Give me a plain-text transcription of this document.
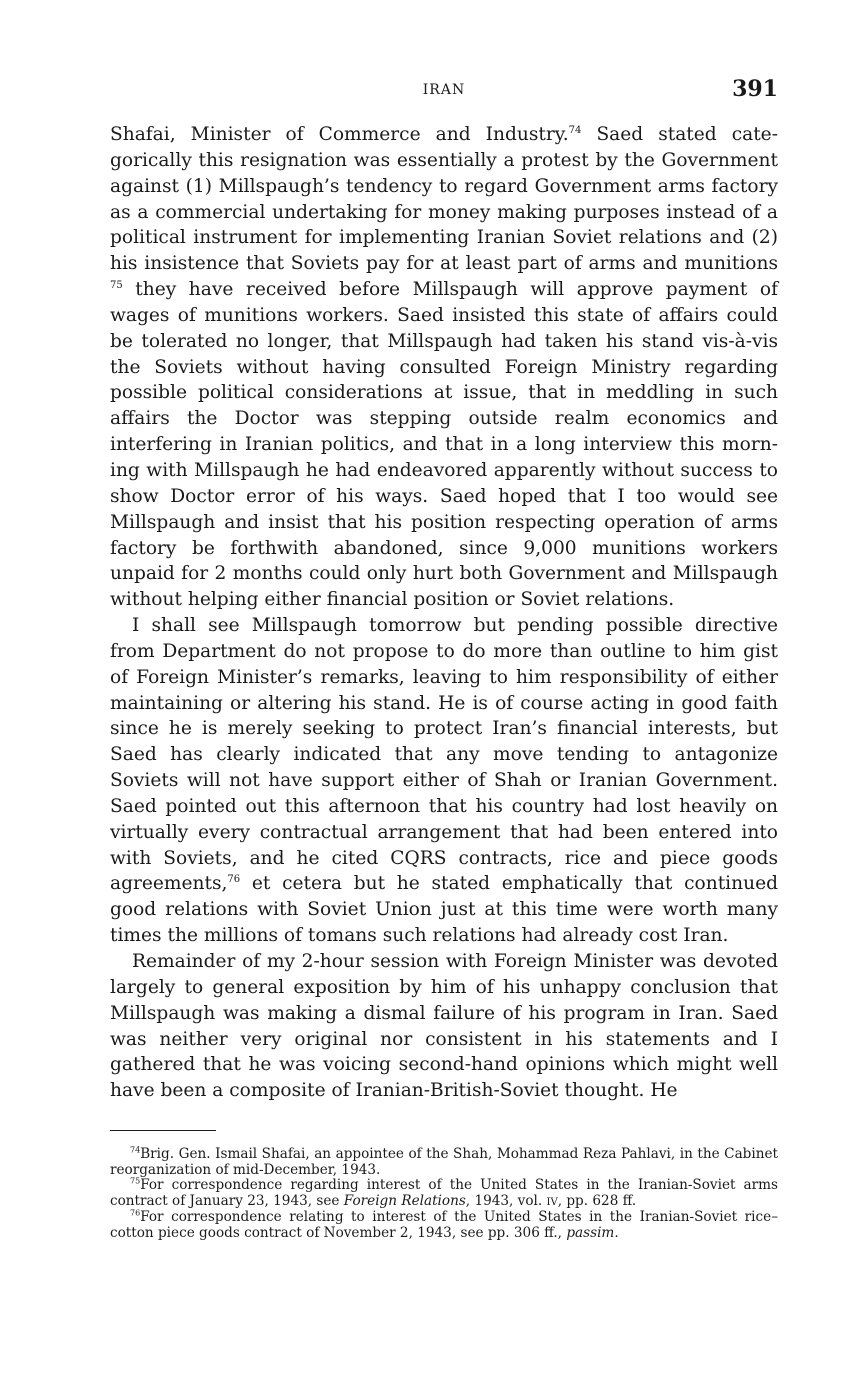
IRAN	391

Shafai, Minister of Commerce and Industry.$^{74}$ Saed stated categorically this resignation was essentially a protest by the Government against (1) Millspaugh’s tendency to regard Government arms factory as a commercial undertaking for money making purposes instead of a political instrument for implementing Iranian Soviet relations and (2) his insistence that Soviets pay for at least part of arms and munitions $^{75}$ they have received before Millspaugh will approve payment of wages of munitions workers. Saed insisted this state of affairs could be tolerated no longer, that Millspaugh had taken his stand vis-à-vis the Soviets without having consulted Foreign Ministry regarding possible political considerations at issue, that in meddling in such affairs the Doctor was stepping outside realm economics and interfering in Iranian politics, and that in a long interview this morning with Millspaugh he had endeavored apparently without success to show Doctor error of his ways. Saed hoped that I too would see Millspaugh and insist that his position respecting operation of arms factory be forthwith abandoned, since 9,000 munitions workers unpaid for 2 months could only hurt both Government and Millspaugh without helping either financial position or Soviet relations.

I shall see Millspaugh tomorrow but pending possible directive from Department do not propose to do more than outline to him gist of Foreign Minister’s remarks, leaving to him responsibility of either maintaining or altering his stand. He is of course acting in good faith since he is merely seeking to protect Iran’s financial interests, but Saed has clearly indicated that any move tending to antagonize Soviets will not have support either of Shah or Iranian Government. Saed pointed out this afternoon that his country had lost heavily on virtually every contractual arrangement that had been entered into with Soviets, and he cited CQRS contracts, rice and piece goods agreements,$^{76}$ et cetera but he stated emphatically that continued good relations with Soviet Union just at this time were worth many times the millions of tomans such relations had already cost Iran.

Remainder of my 2-hour session with Foreign Minister was devoted largely to general exposition by him of his unhappy conclusion that Millspaugh was making a dismal failure of his program in Iran. Saed was neither very original nor consistent in his statements and I gathered that he was voicing second-hand opinions which might well have been a composite of Iranian-British-Soviet thought. He

$^{74}$Brig. Gen. Ismail Shafai, an appointee of the Shah, Mohammad Reza Pahlavi, in the Cabinet reorganization of mid-December, 1943.

$^{75}$For correspondence regarding interest of the United States in the Iranian-Soviet arms contract of January 23, 1943, see Foreign Relations, 1943, vol. iv, pp. 628 ff.

$^{76}$For correspondence relating to interest of the United States in the Iranian-Soviet rice–cotton piece goods contract of November 2, 1943, see pp. 306 ff., passim.
